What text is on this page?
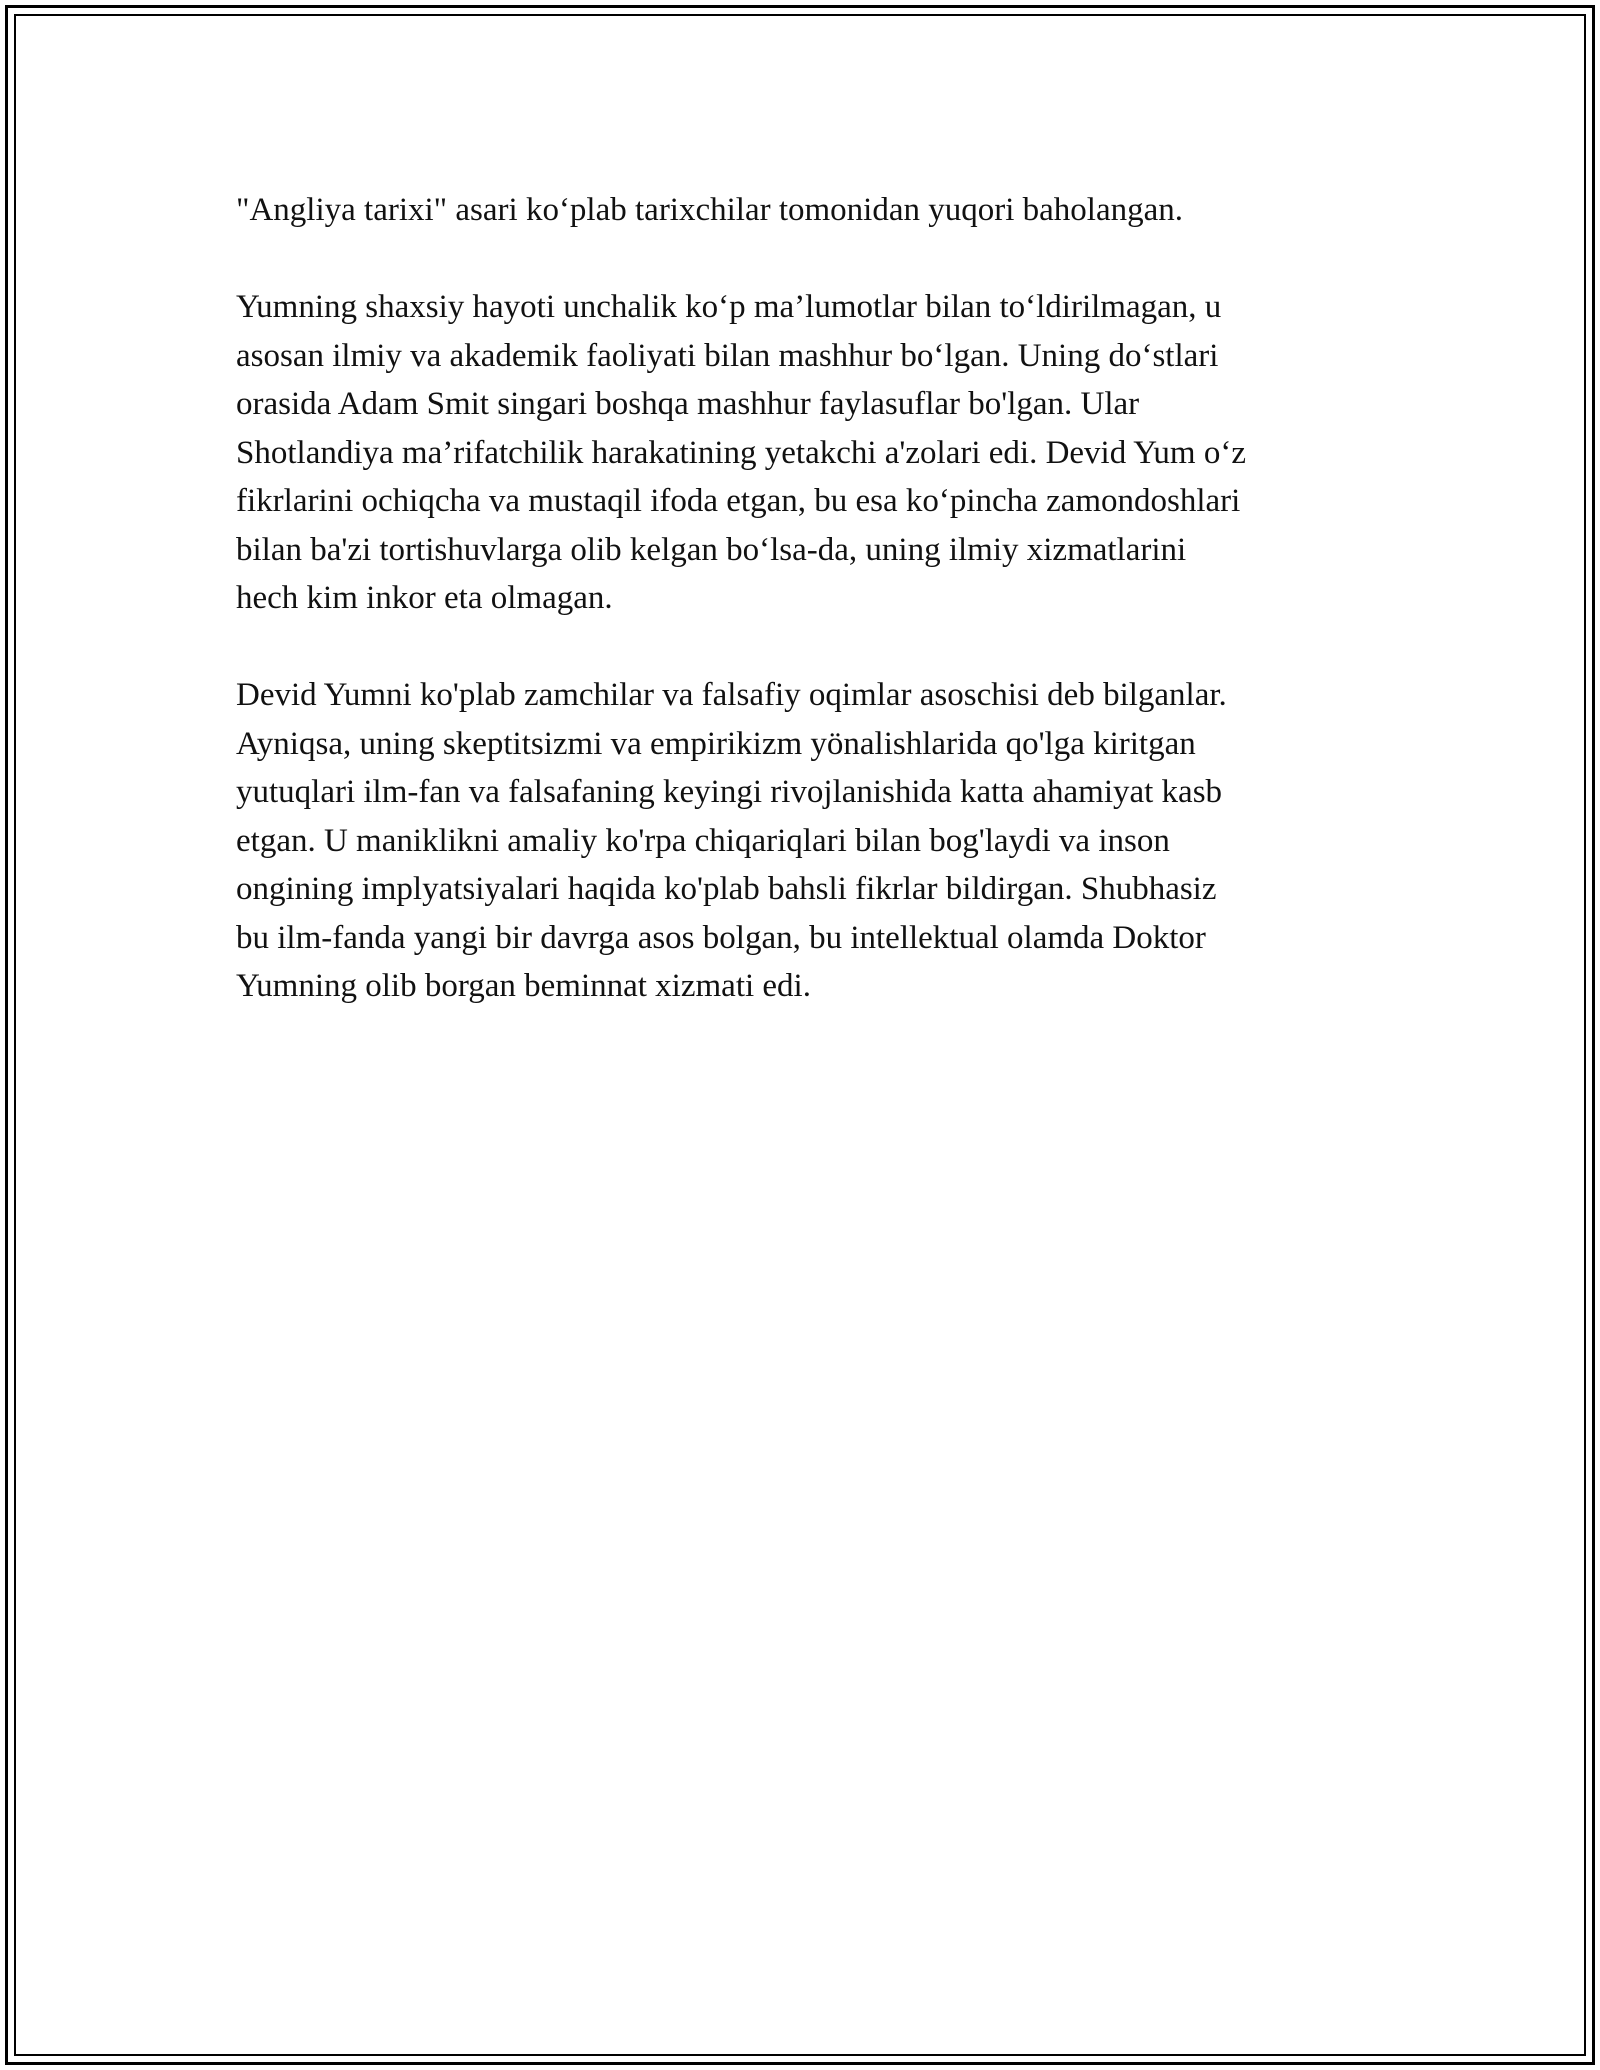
"Angliya tarixi" asari ko‘plab tarixchilar tomonidan yuqori baholangan.

Yumning shaxsiy hayoti unchalik ko‘p ma’lumotlar bilan to‘ldirilmagan, u
asosan ilmiy va akademik faoliyati bilan mashhur bo‘lgan. Uning do‘stlari
orasida Adam Smit singari boshqa mashhur faylasuflar bo'lgan. Ular
Shotlandiya ma’rifatchilik harakatining yetakchi a'zolari edi. Devid Yum o‘z
fikrlarini ochiqcha va mustaqil ifoda etgan, bu esa ko‘pincha zamondoshlari
bilan ba'zi tortishuvlarga olib kelgan bo‘lsa-da, uning ilmiy xizmatlarini
hech kim inkor eta olmagan.

Devid Yumni ko'plab zamchilar va falsafiy oqimlar asoschisi deb bilganlar.
Ayniqsa, uning skeptitsizmi va empirikizm yönalishlarida qo'lga kiritgan
yutuqlari ilm-fan va falsafaning keyingi rivojlanishida katta ahamiyat kasb
etgan. U maniklikni amaliy ko'rpa chiqariqlari bilan bog'laydi va inson
ongining implyatsiyalari haqida ko'plab bahsli fikrlar bildirgan. Shubhasiz
bu ilm-fanda yangi bir davrga asos bolgan, bu intellektual olamda Doktor
Yumning olib borgan beminnat xizmati edi.
